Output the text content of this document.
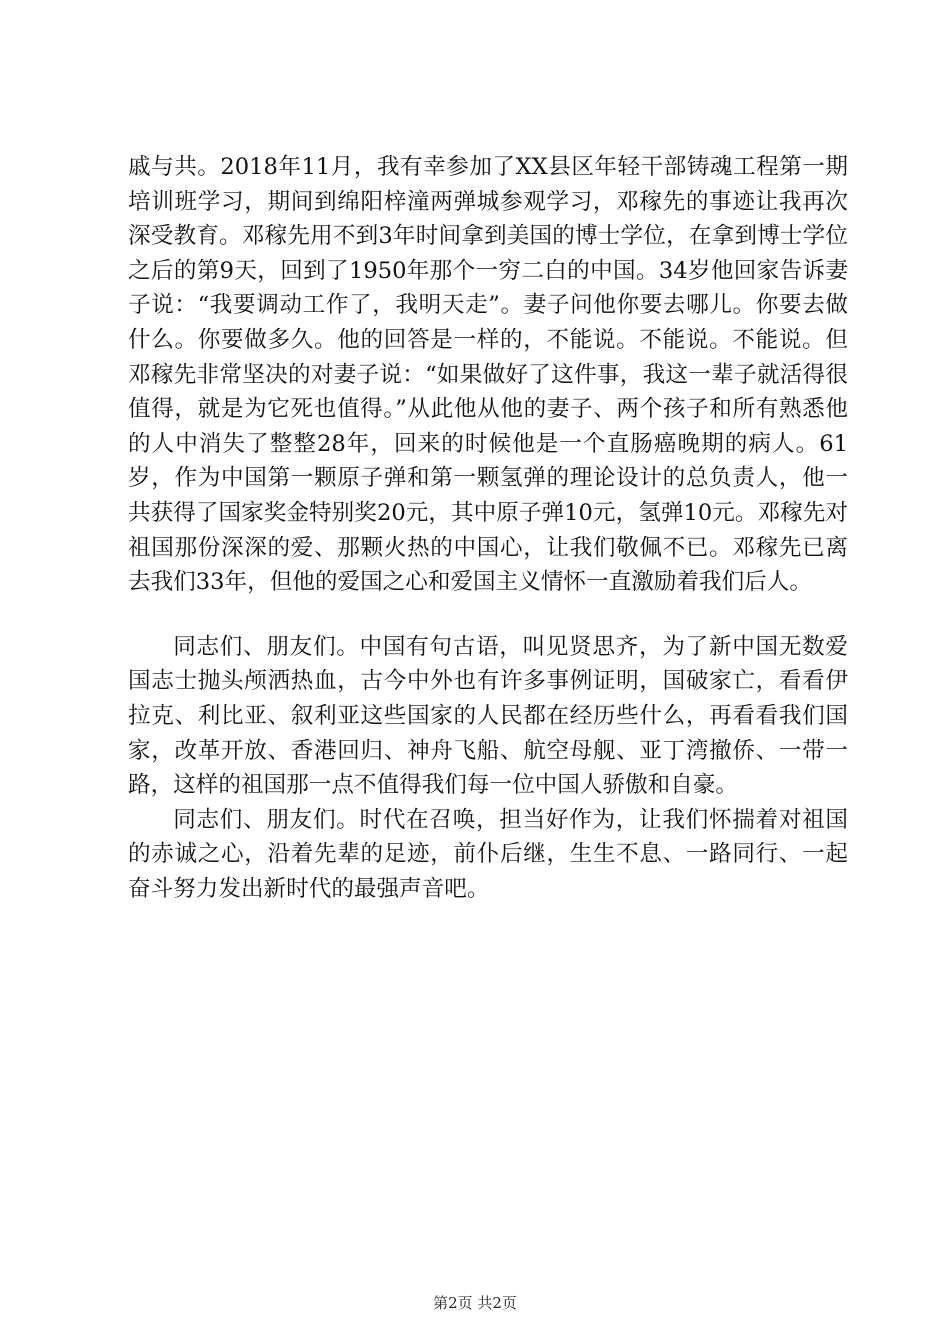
戚与共。2018年11月，我有幸参加了XX县区年轻干部铸魂工程第一期培训班学习，期间到绵阳梓潼两弹城参观学习，邓稼先的事迹让我再次深受教育。邓稼先用不到3年时间拿到美国的博士学位，在拿到博士学位之后的第9天，回到了1950年那个一穷二白的中国。34岁他回家告诉妻子说：“我要调动工作了，我明天走”。妻子问他你要去哪儿。你要去做什么。你要做多久。他的回答是一样的，不能说。不能说。不能说。但邓稼先非常坚决的对妻子说：“如果做好了这件事，我这一辈子就活得很值得，就是为它死也值得。”从此他从他的妻子、两个孩子和所有熟悉他的人中消失了整整28年，回来的时候他是一个直肠癌晚期的病人。61岁，作为中国第一颗原子弹和第一颗氢弹的理论设计的总负责人，他一共获得了国家奖金特别奖20元，其中原子弹10元，氢弹10元。邓稼先对祖国那份深深的爱、那颗火热的中国心，让我们敬佩不已。邓稼先已离去我们33年，但他的爱国之心和爱国主义情怀一直激励着我们后人。

同志们、朋友们。中国有句古语，叫见贤思齐，为了新中国无数爱国志士抛头颅洒热血，古今中外也有许多事例证明，国破家亡，看看伊拉克、利比亚、叙利亚这些国家的人民都在经历些什么，再看看我们国家，改革开放、香港回归、神舟飞船、航空母舰、亚丁湾撤侨、一带一路，这样的祖国那一点不值得我们每一位中国人骄傲和自豪。

同志们、朋友们。时代在召唤，担当好作为，让我们怀揣着对祖国的赤诚之心，沿着先辈的足迹，前仆后继，生生不息、一路同行、一起奋斗努力发出新时代的最强声音吧。

第2页 共2页
